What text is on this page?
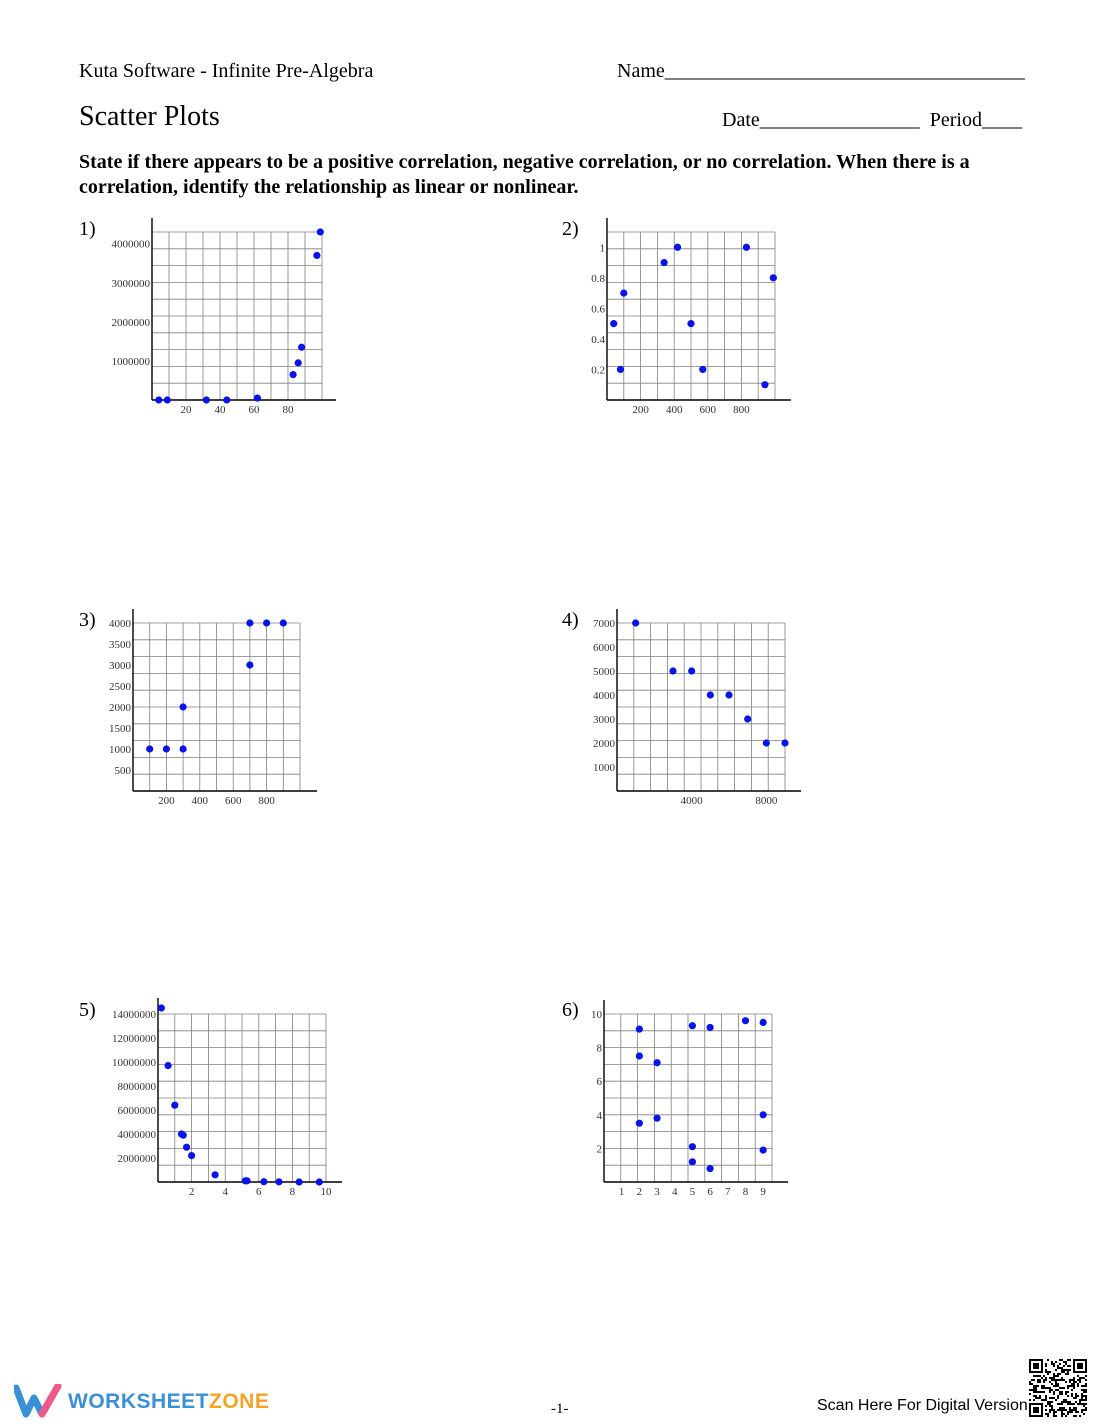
Kuta Software - Infinite Pre-Algebra	Name____________________________________
Scatter Plots	Date________________  Period____
State if there appears to be a positive correlation, negative correlation, or no correlation. When there is a correlation, identify the relationship as linear or nonlinear.
1)
20 40 60 80
1000000
2000000
3000000
4000000
2)
200 400 600 800
0.2
0.4
0.6
0.8
1
3)
200 400 600 800
500
1000
1500
2000
2500
3000
3500
4000	4)
4000	8000
1000
2000
3000
4000
5000
6000
7000
5)
2	4	6	8 10
2000000
4000000
6000000
8000000
10000000
12000000
14000000	6)
1 2 3 4 5 6 7 8 9
2
4
6
8
10
WORKSHEETZONE	-1-	Scan Here For Digital Version
